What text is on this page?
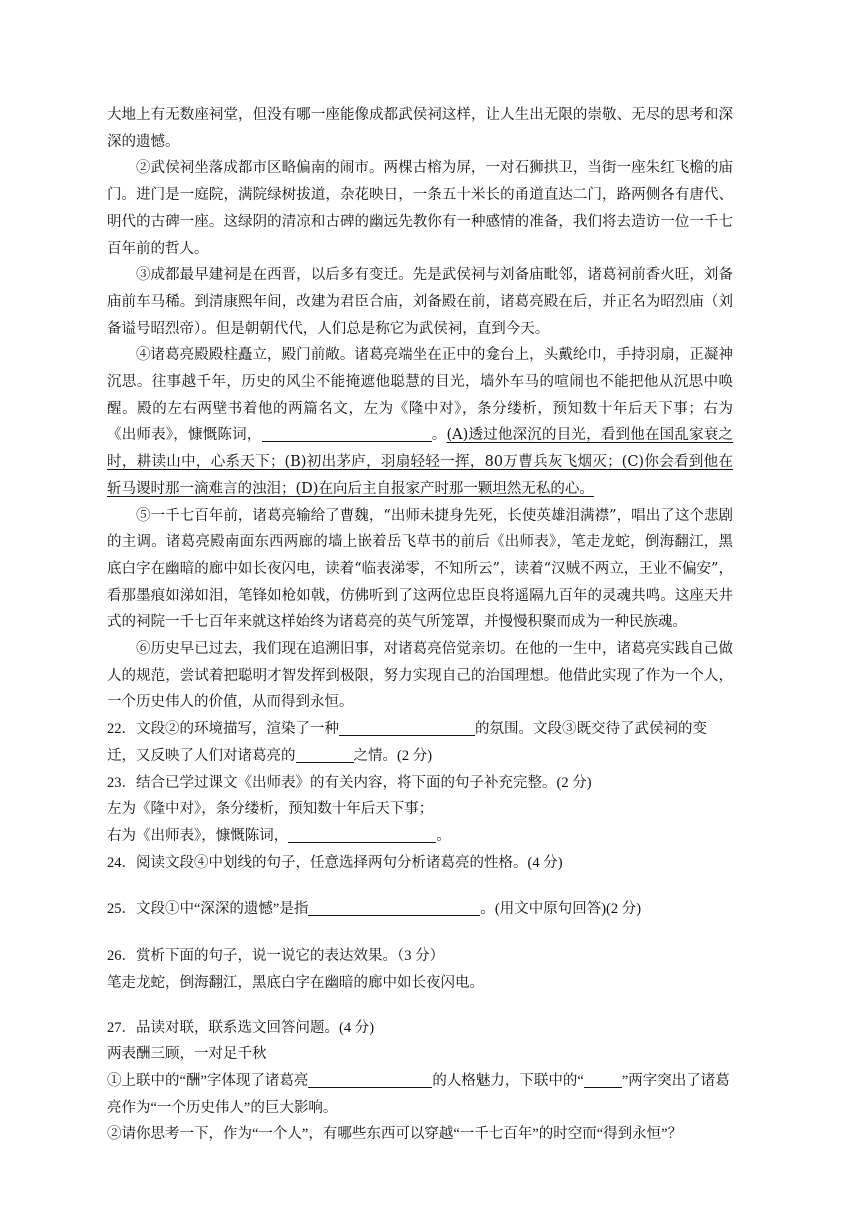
大地上有无数座祠堂，但没有哪一座能像成都武侯祠这样，让人生出无限的崇敬、无尽的思考和深深的遗憾。

②武侯祠坐落成都市区略偏南的闹市。两棵古榕为屏，一对石狮拱卫，当街一座朱红飞檐的庙门。进门是一庭院，满院绿树拔道，杂花映日，一条五十米长的甬道直达二门，路两侧各有唐代、明代的古碑一座。这绿阴的清凉和古碑的幽远先教你有一种感情的准备，我们将去造访一位一千七百年前的哲人。

③成都最早建祠是在西晋，以后多有变迁。先是武侯祠与刘备庙毗邻，诸葛祠前香火旺，刘备庙前车马稀。到清康熙年间，改建为君臣合庙，刘备殿在前，诸葛亮殿在后，并正名为昭烈庙（刘备谥号昭烈帝）。但是朝朝代代，人们总是称它为武侯祠，直到今天。

④诸葛亮殿殿柱矗立，殿门前敞。诸葛亮端坐在正中的龛台上，头戴纶巾，手持羽扇，正凝神沉思。往事越千年，历史的风尘不能掩遮他聪慧的目光，墙外车马的喧闹也不能把他从沉思中唤醒。殿的左右两壁书着他的两篇名文，左为《隆中对》，条分缕析，预知数十年后天下事；右为《出师表》，慷慨陈词，	。(A)透过他深沉的目光，看到他在国乱家衰之时，耕读山中，心系天下；(B)初出茅庐，羽扇轻轻一挥，80万曹兵灰飞烟灭；(C)你会看到他在斩马谡时那一滴难言的浊泪；(D)在向后主自报家产时那一颗坦然无私的心。

⑤一千七百年前，诸葛亮输给了曹魏，“出师未捷身先死，长使英雄泪满襟”，唱出了这个悲剧的主调。诸葛亮殿南面东西两廊的墙上嵌着岳飞草书的前后《出师表》，笔走龙蛇，倒海翻江，黑底白字在幽暗的廊中如长夜闪电，读着“临表涕零，不知所云”，读着“汉贼不两立，王业不偏安”，看那墨痕如涕如泪，笔锋如枪如戟，仿佛听到了这两位忠臣良将遥隔九百年的灵魂共鸣。这座天井式的祠院一千七百年来就这样始终为诸葛亮的英气所笼罩，并慢慢积聚而成为一种民族魂。

⑥历史早已过去，我们现在追溯旧事，对诸葛亮倍觉亲切。在他的一生中，诸葛亮实践自己做人的规范，尝试着把聪明才智发挥到极限，努力实现自己的治国理想。他借此实现了作为一个人，一个历史伟人的价值，从而得到永恒。

22．文段②的环境描写，渲染了一种	的氛围。文段③既交待了武侯祠的变迁，又反映了人们对诸葛亮的	之情。(2 分)

23．结合已学过课文《出师表》的有关内容，将下面的句子补充完整。(2 分)

左为《隆中对》，条分缕析，预知数十年后天下事；

右为《出师表》，慷慨陈词，	。

24．阅读文段④中划线的句子，任意选择两句分析诸葛亮的性格。(4 分)

25．文段①中“深深的遗憾”是指	。(用文中原句回答)(2 分)

26．赏析下面的句子，说一说它的表达效果。（3 分）

笔走龙蛇，倒海翻江，黑底白字在幽暗的廊中如长夜闪电。

27．品读对联，联系选文回答问题。(4 分)

两表酬三顾，一对足千秋

①上联中的“酬”字体现了诸葛亮	的人格魅力，下联中的“	”两字突出了诸葛亮作为“一个历史伟人”的巨大影响。

②请你思考一下，作为“一个人”，有哪些东西可以穿越“一千七百年”的时空而“得到永恒”？
